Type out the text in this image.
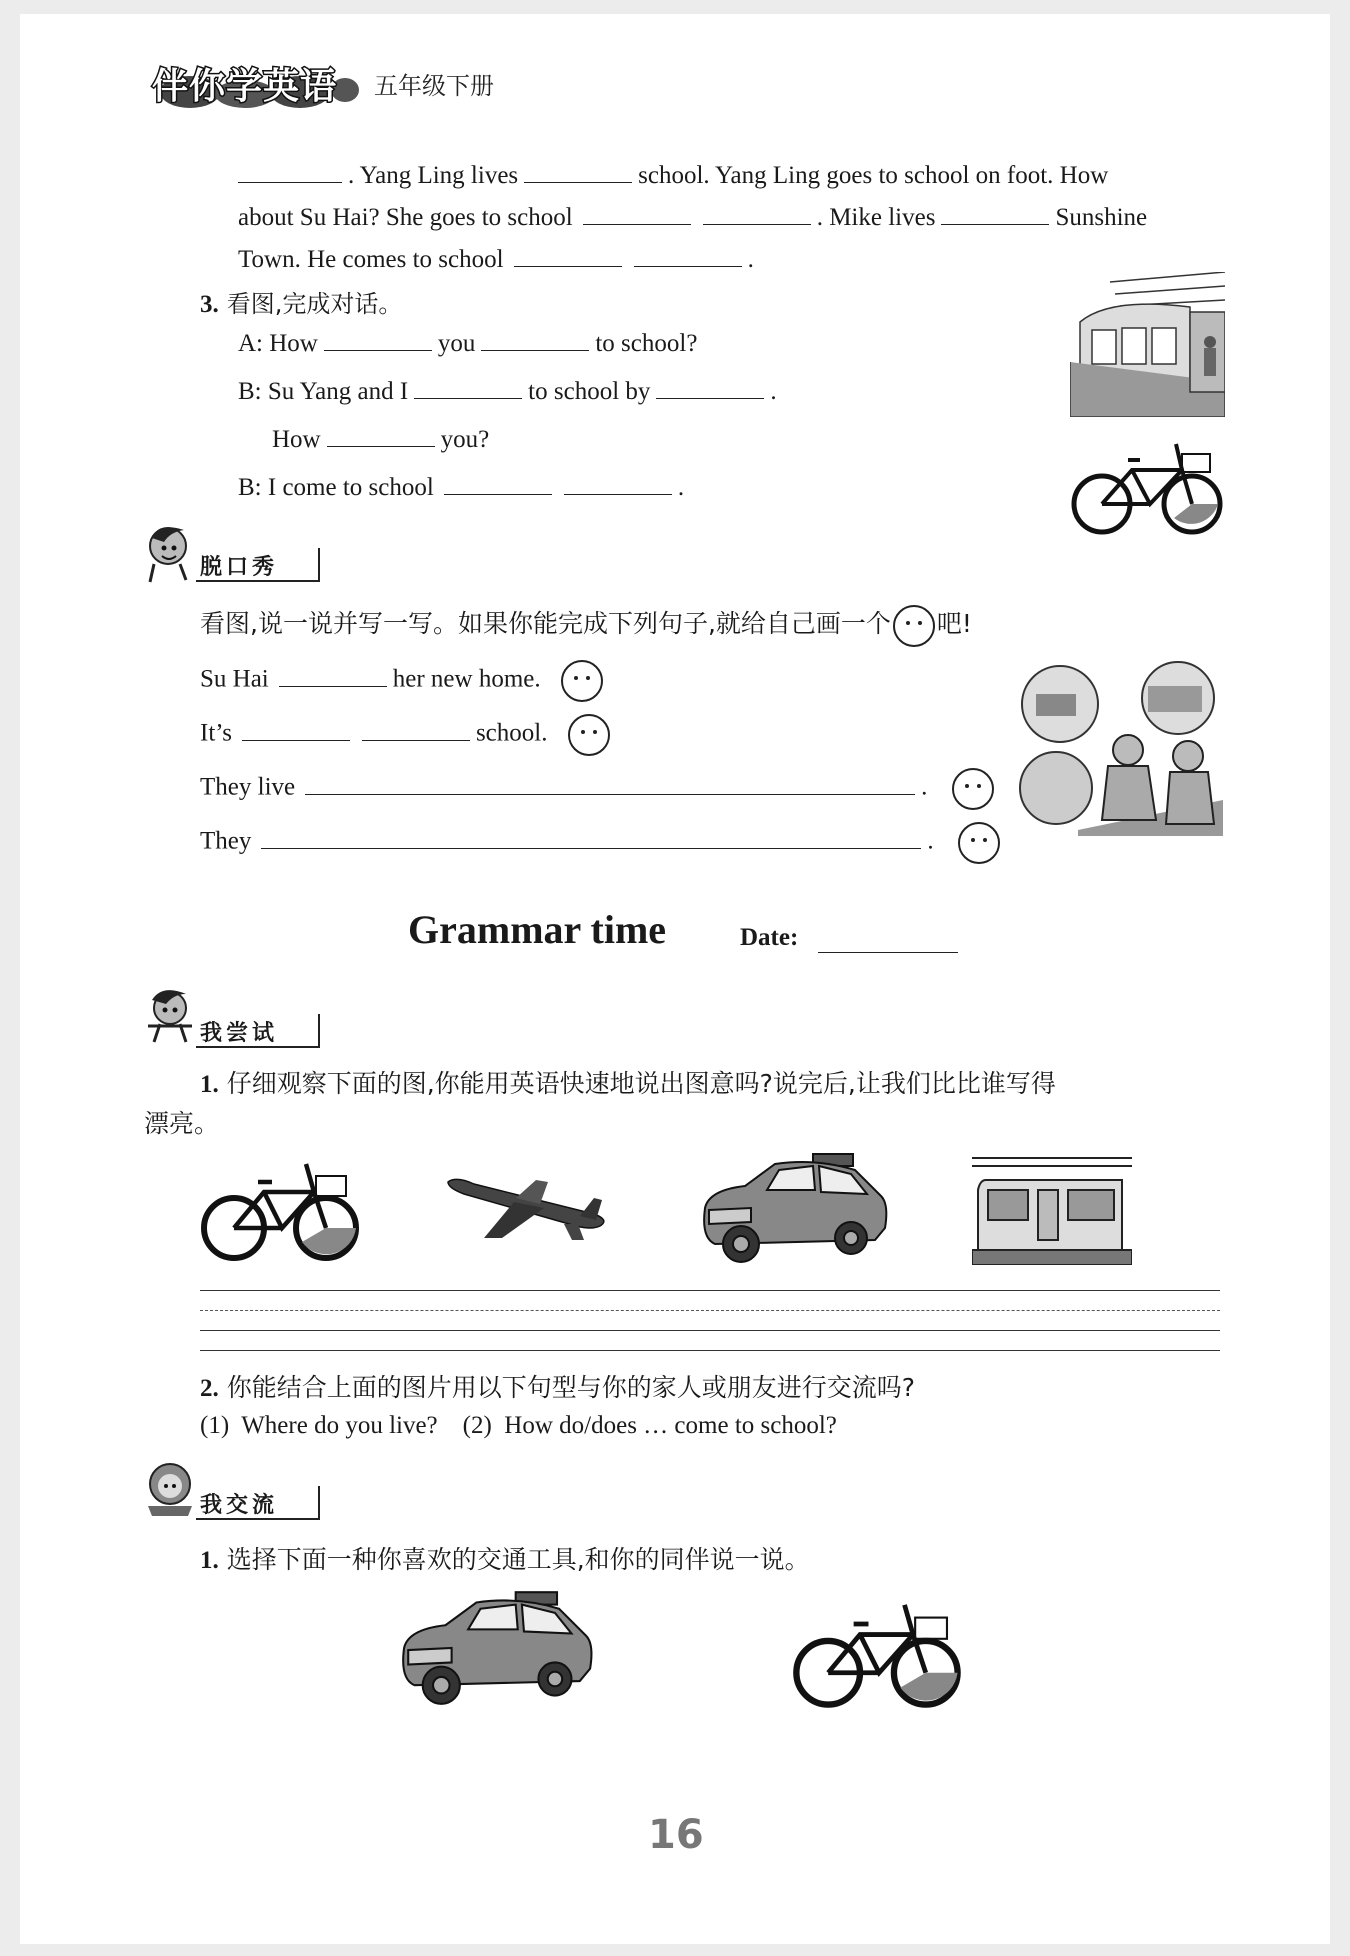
伴你学英语 五年级下册
. Yang Ling lives	school. Yang Ling goes to school on foot. How
about Su Hai? She goes to school	. Mike lives	Sunshine
Town. He comes to school	.
3. 看图,完成对话。
A: How	you	to school?
B: Su Yang and I	to school by	.
How	you?
B: I come to school	.
脱口秀
看图,说一说并写一写。如果你能完成下列句子,就给自己画一个 吧!
Su Hai	her new home.
It’s	school.
They live	.
They	.
Grammar time	Date:
我尝试
1. 仔细观察下面的图,你能用英语快速地说出图意吗?说完后,让我们比比谁写得
漂亮。
2. 你能结合上面的图片用以下句型与你的家人或朋友进行交流吗?
(1)  Where do you live?    (2)  How do/does … come to school?
我交流
1. 选择下面一种你喜欢的交通工具,和你的同伴说一说。
16
